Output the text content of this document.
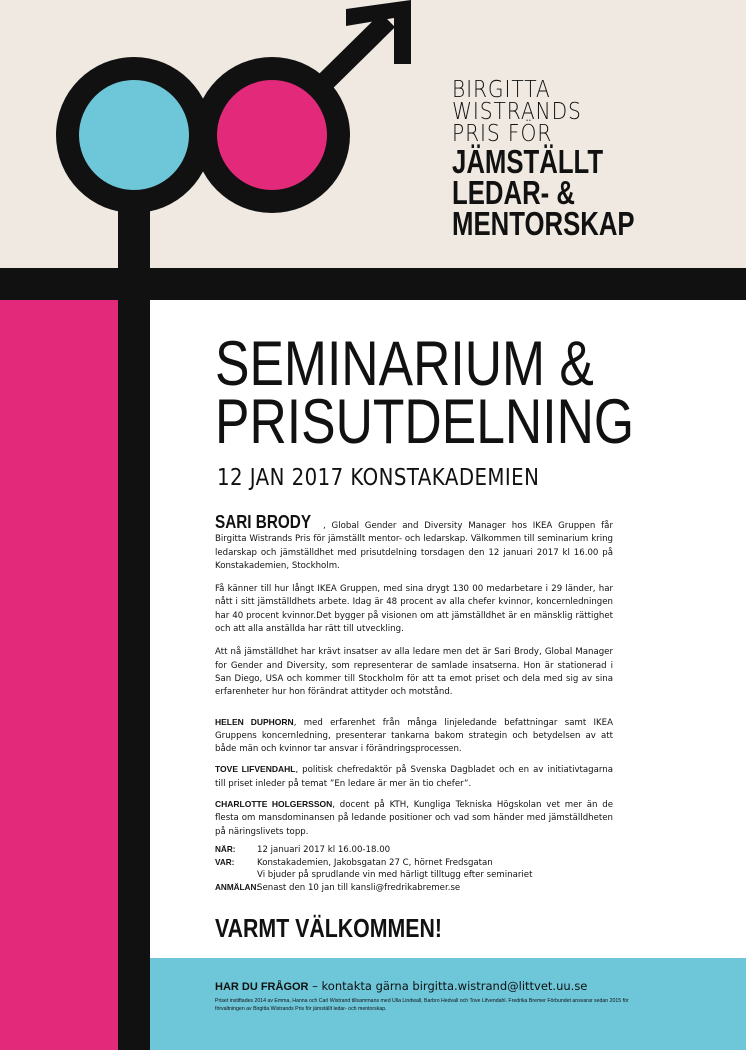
BIRGITTA
WISTRANDS
PRIS FÖR
JÄMSTÄLLT
LEDAR- &
MENTORSKAP
SEMINARIUM &
PRISUTDELNING
12 JAN 2017 KONSTAKADEMIEN

SARI BRODY , Global Gender and Diversity Manager hos IKEA Gruppen får Birgitta Wistrands Pris för jämställt mentor- och ledarskap. Välkommen till seminarium kring ledarskap och jämställdhet med prisutdelning torsdagen den 12 januari 2017 kl 16.00 på Konstakademien, Stockholm.

Få känner till hur långt IKEA Gruppen, med sina drygt 130 00 medarbetare i 29 länder, har nått i sitt jämställdhets arbete. Idag är 48 procent av alla chefer kvinnor, koncernledningen har 40 procent kvinnor.Det bygger på visionen om att jämställdhet är en mänsklig rättighet och att alla anställda har rätt till utveckling.

Att nå jämställdhet har krävt insatser av alla ledare men det är Sari Brody, Global Manager for Gender and Diversity, som representerar de samlade insatserna. Hon är stationerad i San Diego, USA och kommer till Stockholm för att ta emot priset och dela med sig av sina erfarenheter hur hon förändrat attityder och motstånd.

HELEN DUPHORN, med erfarenhet från många linjeledande befattningar samt IKEA Gruppens koncernledning, presenterar tankarna bakom strategin och betydelsen av att både män och kvinnor tar ansvar i förändringsprocessen.

TOVE LIFVENDAHL, politisk chefredaktör på Svenska Dagbladet och en av initiativtagarna till priset inleder på temat ”En ledare är mer än tio chefer”.

CHARLOTTE HOLGERSSON, docent på KTH, Kungliga Tekniska Högskolan vet mer än de flesta om mansdominansen på ledande positioner och vad som händer med jämställdheten på näringslivets topp.

NÄR:	12 januari 2017 kl 16.00-18.00
VAR:	Konstakademien, Jakobsgatan 27 C, hörnet Fredsgatan
Vi bjuder på sprudlande vin med härligt tilltugg efter seminariet
ANMÄLAN:
Senast den 10 jan till kansli@fredrikabremer.se
VARMT VÄLKOMMEN!
HAR DU FRÅGOR – kontakta gärna birgitta.wistrand@littvet.uu.se
Priset instiftades 2014 av Emma, Hanna och Carl Wistrand tillsammans med Ulla Lindwall, Barbro Hedvall och Tove Lifvendahl. Fredrika Bremer Förbundet ansvarar sedan 2015 för förvaltningen av Birgitta Wistrands Pris för jämställt ledar- och mentorskap.
